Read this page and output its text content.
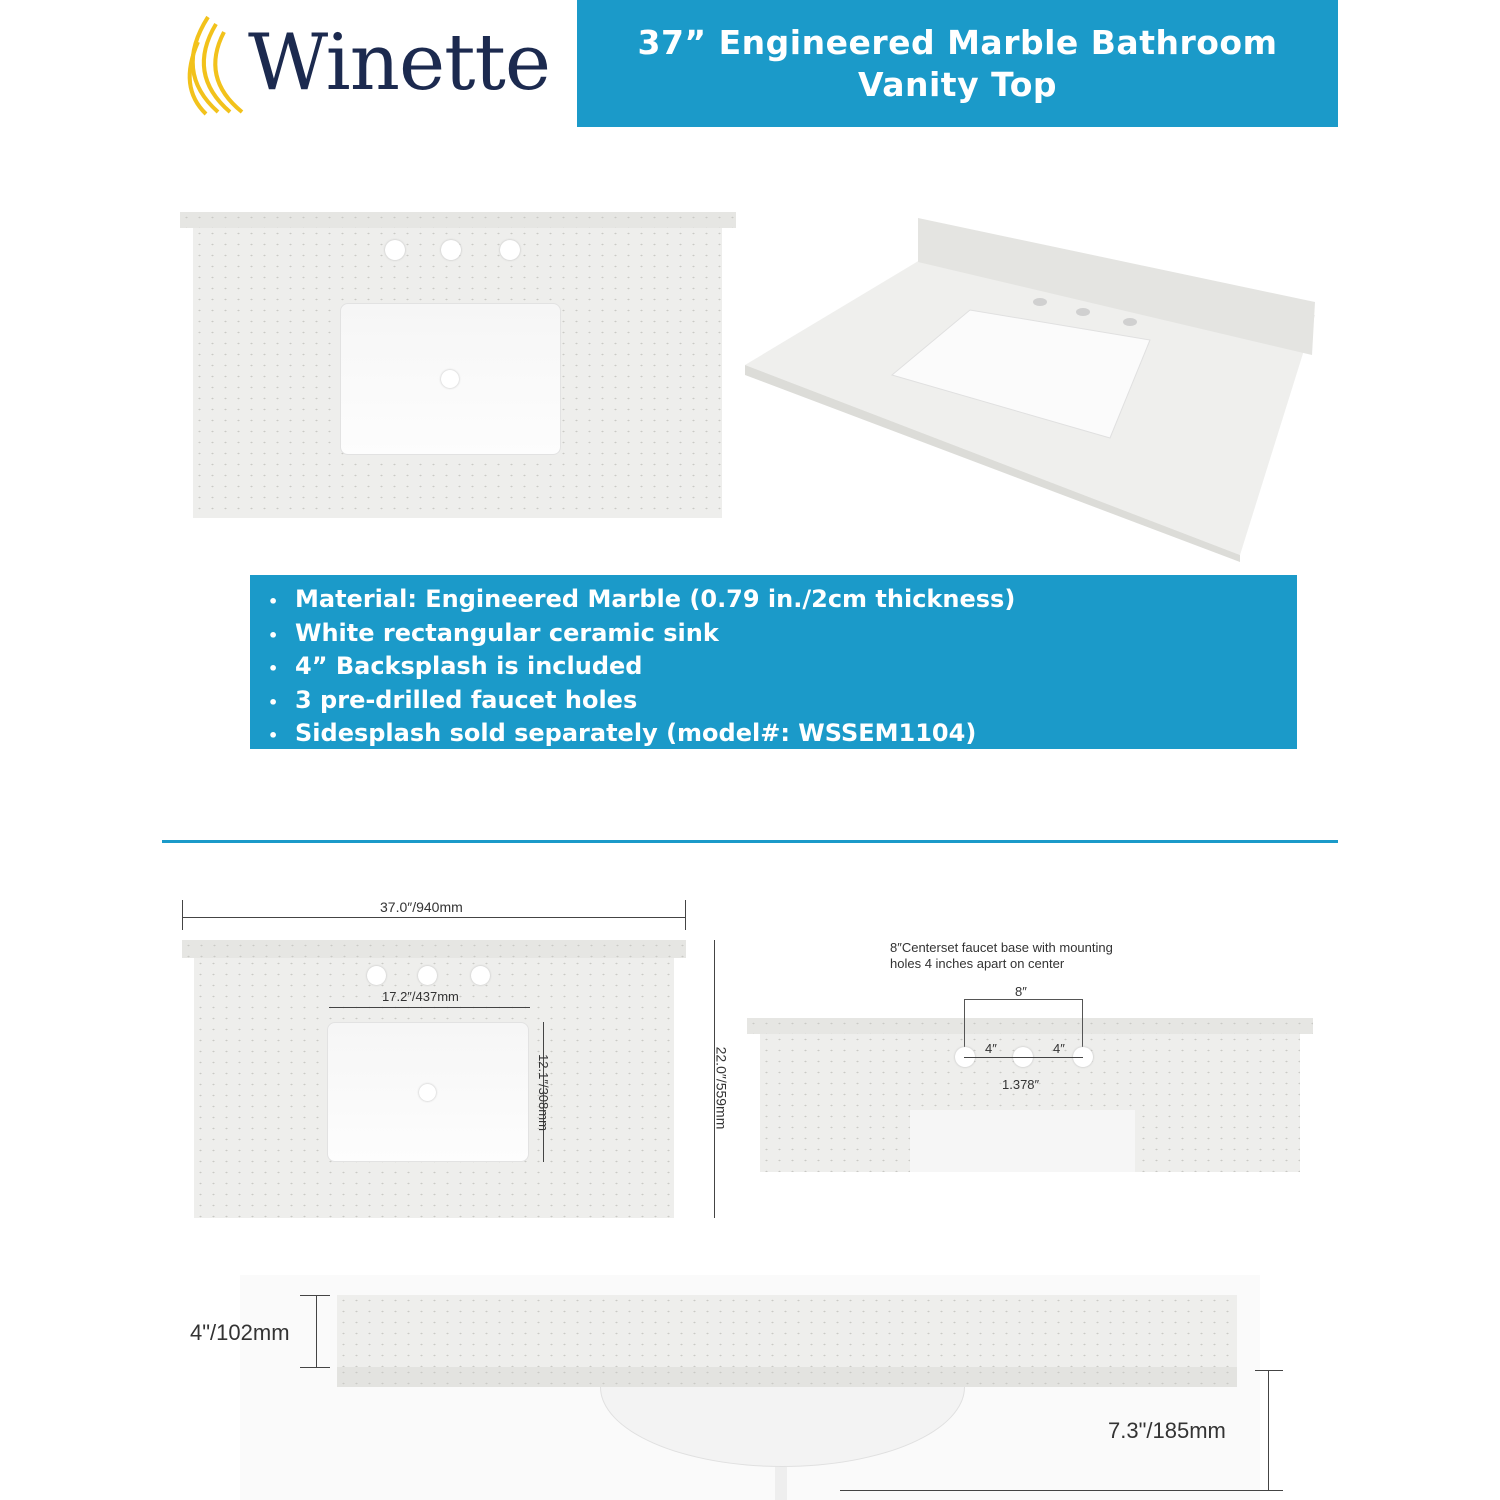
Winette	37” Engineered Marble Bathroom
Vanity Top
• Material: Engineered Marble (0.79 in./2cm thickness)
• White rectangular ceramic sink
• 4” Backsplash is included
• 3 pre-drilled faucet holes
• Sidesplash sold separately (model#: WSSEM1104)
37.0″/940mm
17.2″/437mm
12.1″/308mm	22.0″/559mm
8″Centerset faucet base with mounting
holes 4 inches apart on center
8″
4″	4″
1.378″
4"/102mm
7.3"/185mm
